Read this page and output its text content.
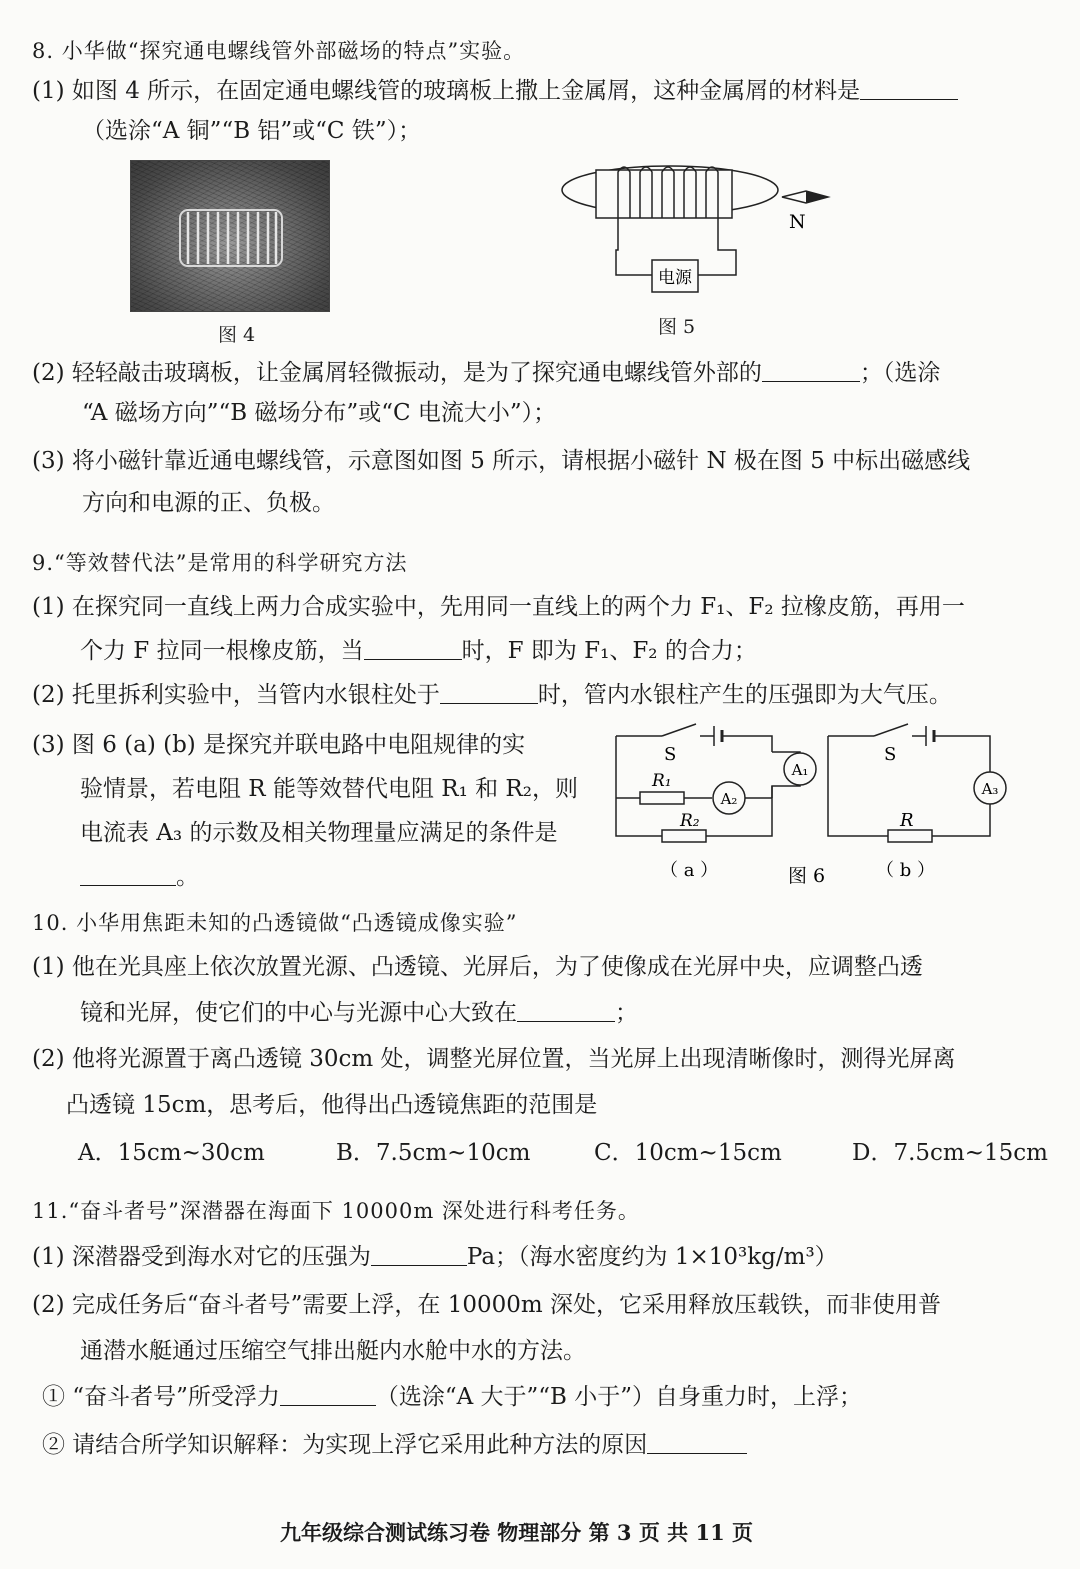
8. 小华做“探究通电螺线管外部磁场的特点”实验。
(1) 如图 4 所示，在固定通电螺线管的玻璃板上撒上金属屑，这种金属屑的材料是
（选涂“A 铜”“B 铝”或“C 铁”）；
图 4
电源
N
图 5
(2) 轻轻敲击玻璃板，让金属屑轻微振动，是为了探究通电螺线管外部的	；（选涂
“A 磁场方向”“B 磁场分布”或“C 电流大小”）；
(3) 将小磁针靠近通电螺线管，示意图如图 5 所示，请根据小磁针 N 极在图 5 中标出磁感线
方向和电源的正、负极。
9.“等效替代法”是常用的科学研究方法
(1) 在探究同一直线上两力合成实验中，先用同一直线上的两个力 F₁、F₂ 拉橡皮筋，再用一
个力 F 拉同一根橡皮筋，当	时，F 即为 F₁、F₂ 的合力；
(2) 托里拆利实验中，当管内水银柱处于	时，管内水银柱产生的压强即为大气压。
(3) 图 6 (a) (b) 是探究并联电路中电阻规律的实
验情景，若电阻 R 能等效替代电阻 R₁ 和 R₂，则
电流表 A₃ 的示数及相关物理量应满足的条件是
。
S
R₁
R₂
A₂
A₁
S
R
A₃
（ a ）	图 6	（ b ）
10. 小华用焦距未知的凸透镜做“凸透镜成像实验”
(1) 他在光具座上依次放置光源、凸透镜、光屏后，为了使像成在光屏中央，应调整凸透
镜和光屏，使它们的中心与光源中心大致在	；
(2) 他将光源置于离凸透镜 30cm 处，调整光屏位置，当光屏上出现清晰像时，测得光屏离
凸透镜 15cm，思考后，他得出凸透镜焦距的范围是
A．15cm~30cm	B．7.5cm~10cm	C．10cm~15cm	D．7.5cm~15cm
11.“奋斗者号”深潜器在海面下 10000m 深处进行科考任务。
(1) 深潜器受到海水对它的压强为	Pa；（海水密度约为 1×10³kg/m³）
(2) 完成任务后“奋斗者号”需要上浮，在 10000m 深处，它采用释放压载铁，而非使用普
通潜水艇通过压缩空气排出艇内水舱中水的方法。
① “奋斗者号”所受浮力	（选涂“A 大于”“B 小于”）自身重力时，上浮；
② 请结合所学知识解释：为实现上浮它采用此种方法的原因
九年级综合测试练习卷 物理部分 第 3 页 共 11 页
